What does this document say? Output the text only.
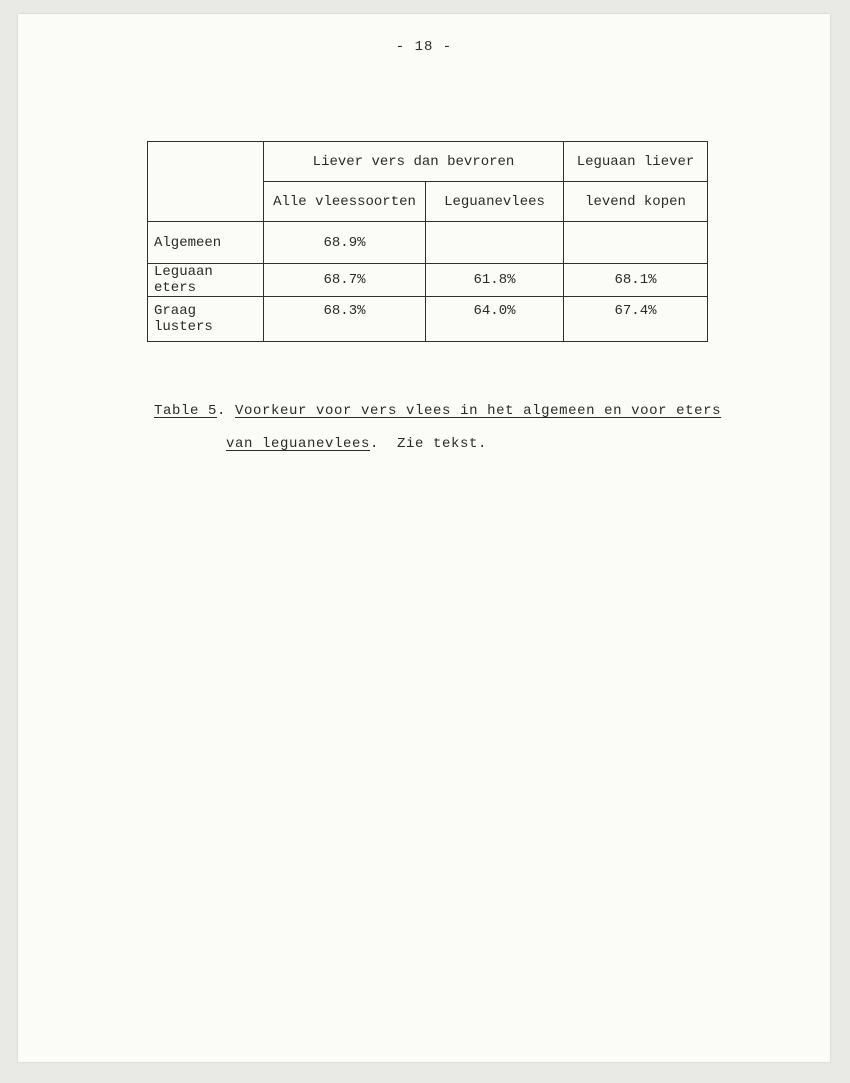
- 18 -
	Liever vers dan bevroren		Leguaan liever
	Alle vleessoorten	Leguanevlees	levend kopen
Algemeen	68.9%		
Leguaan eters	68.7%	61.8%	68.1%
Graag lusters	68.3%	64.0%	67.4%
Table 5. Voorkeur voor vers vlees in het algemeen en voor eters
van leguanevlees.  Zie tekst.
